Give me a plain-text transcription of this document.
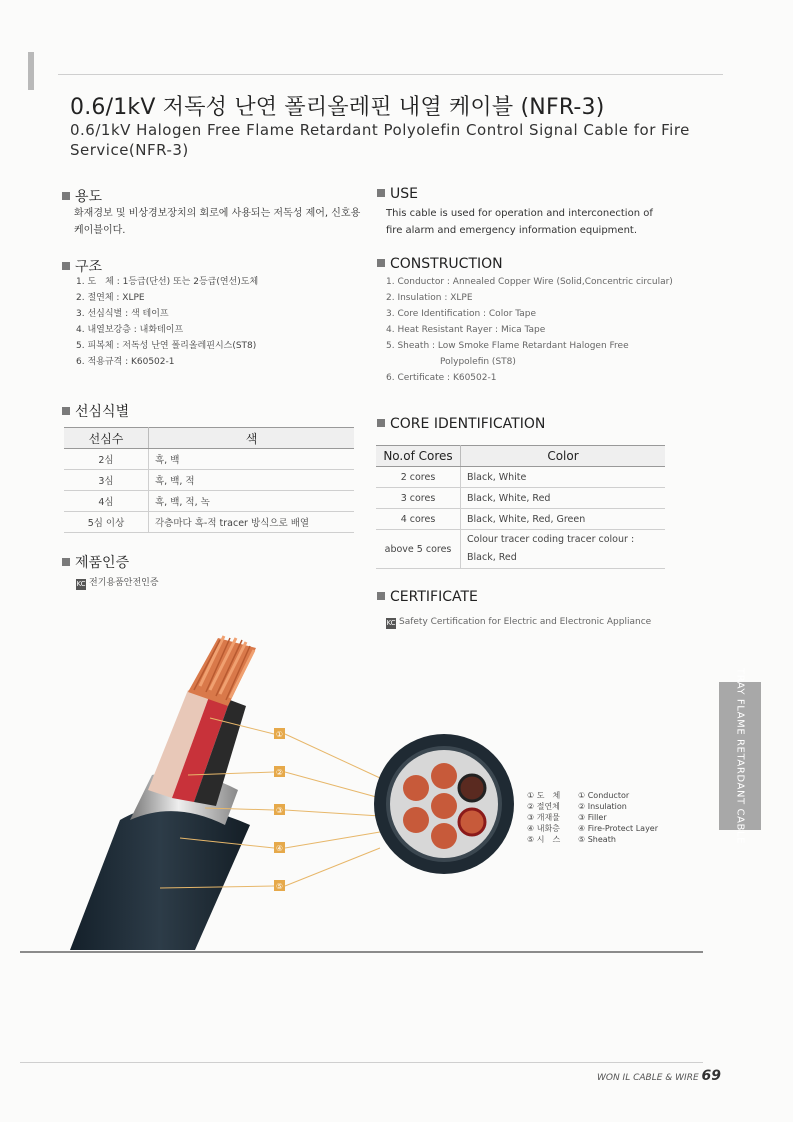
0.6/1kV 저독성 난연 폴리올레핀 내열 케이블 (NFR-3)
0.6/1kV Halogen Free Flame Retardant Polyolefin Control Signal Cable for Fire Service(NFR-3)
용도
화재경보 및 비상경보장치의 회로에 사용되는 저독성 제어, 신호용 케이블이다.
USE
This cable is used for operation and interconection of fire alarm and emergency information equipment.
구조
1. 도　체 : 1등급(단선) 또는 2등급(연선)도체
2. 절연체 : XLPE
3. 선심식별 : 색 테이프
4. 내열보강층 : 내화테이프
5. 피복체 : 저독성 난연 폴리올레핀시스(ST8)
6. 적용규격 : K60502-1
CONSTRUCTION
1. Conductor : Annealed Copper Wire (Solid,Concentric circular)
2. Insulation : XLPE
3. Core Identification : Color Tape
4. Heat Resistant Rayer : Mica Tape
5. Sheath : Low Smoke Flame Retardant Halogen Free
Polypolefin (ST8)
6. Certificate : K60502-1
선심식별
선심수	색
2심	흑, 백
3심	흑, 백, 적
4심	흑, 백, 적, 녹
5심 이상	각층마다 흑-적 tracer 방식으로 배열
CORE IDENTIFICATION
No.of Cores	Color
2 cores	Black, White
3 cores	Black, White, Red
4 cores	Black, White, Red, Green
above 5 cores	Colour tracer coding tracer colour : Black, Red
제품인증
KC 전기용품안전인증
CERTIFICATE
KC Safety Certification for Electric and Electronic Appliance
①
②
③
④
⑤
① 도　체
② 절연체
③ 개재물
④ 내화층
⑤ 시　스
① Conductor
② Insulation
③ Filler
④ Fire-Protect Layer
⑤ Sheath	TRAY FLAME RETARDANT CABLE
WON IL CABLE & WIRE 69
